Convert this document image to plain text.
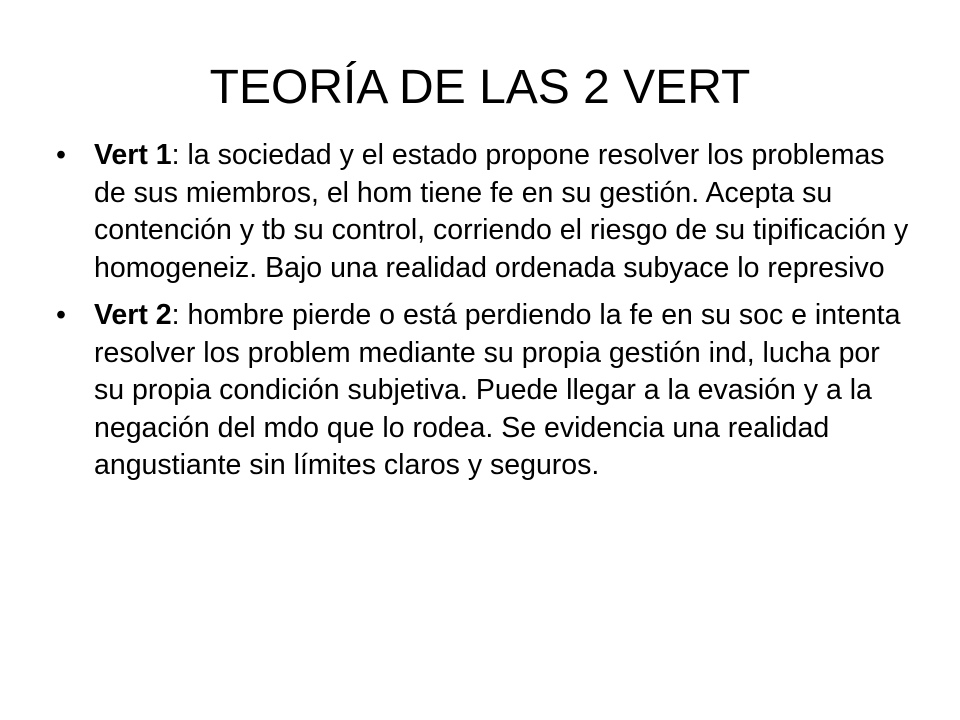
TEORÍA DE LAS 2 VERT
• Vert 1: la sociedad y el estado propone resolver los problemas de sus miembros, el hom tiene fe en su gestión. Acepta su contención y tb su control, corriendo el riesgo de su tipificación y homogeneiz. Bajo una realidad ordenada subyace lo represivo
• Vert 2: hombre pierde o está perdiendo la fe en su soc e intenta resolver los problem mediante su propia gestión ind, lucha por su propia condición subjetiva. Puede llegar a la evasión y a la negación del mdo que lo rodea. Se evidencia una realidad angustiante sin límites claros y seguros.
